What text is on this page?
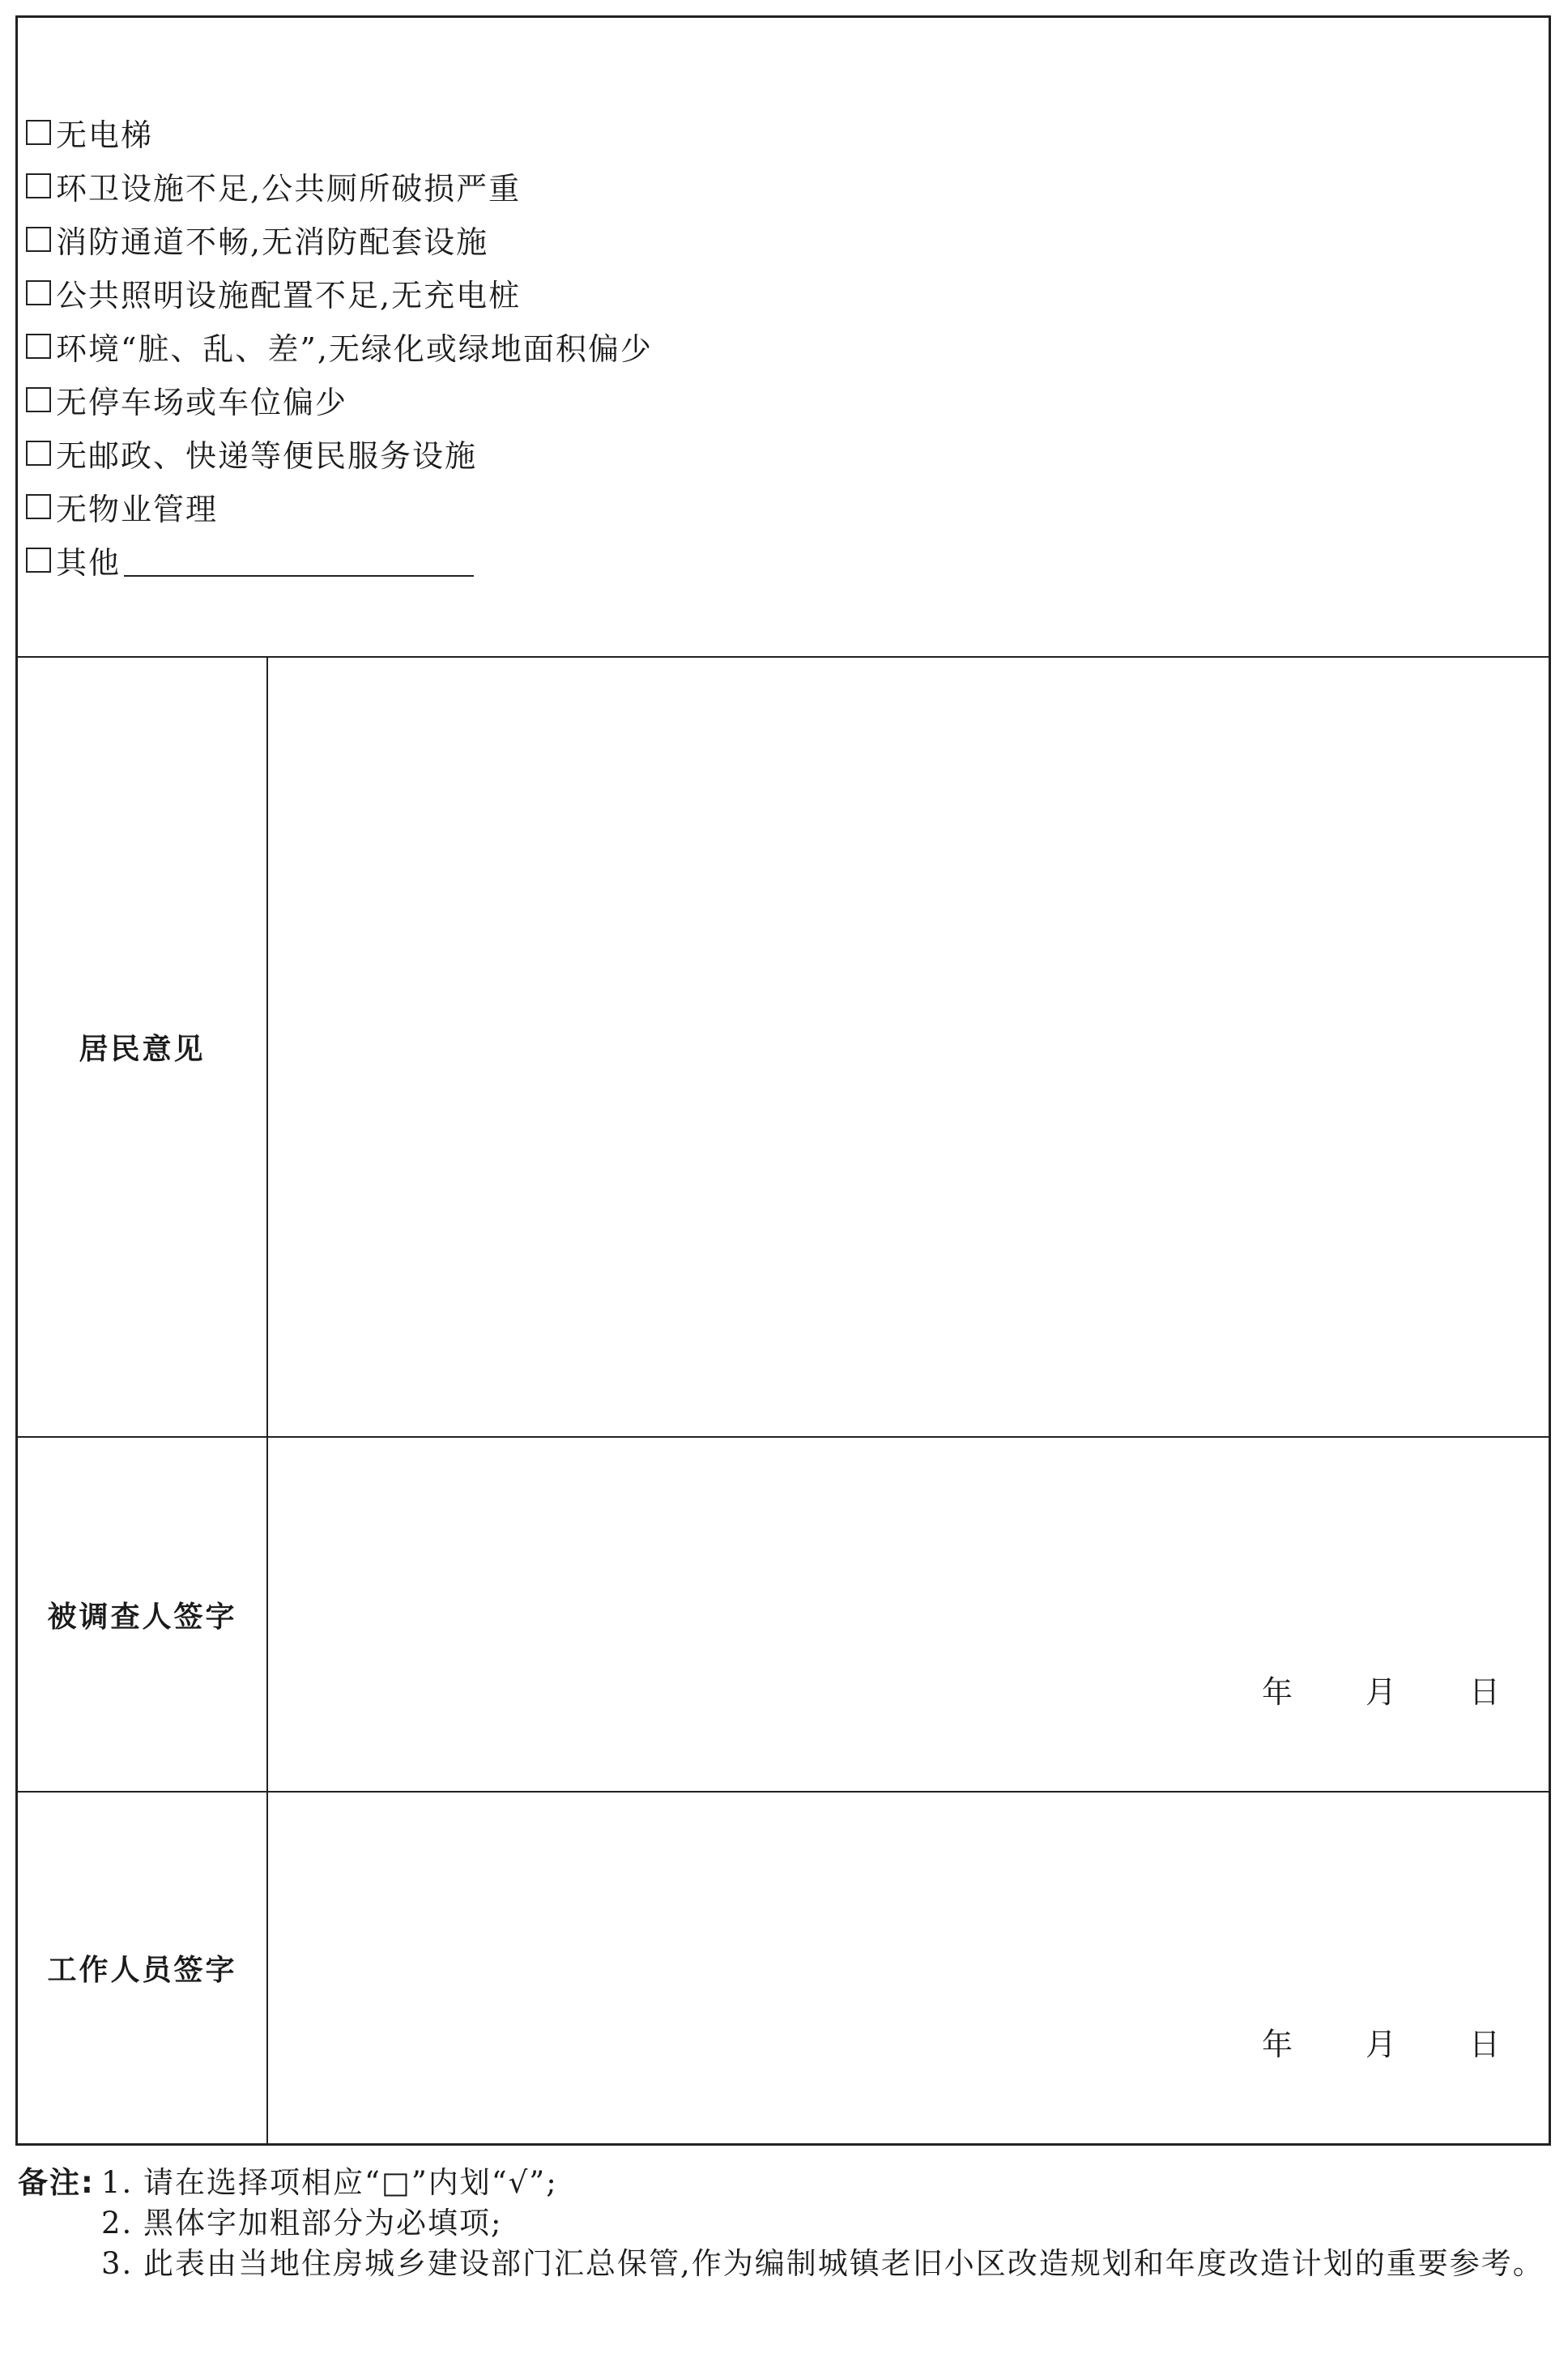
无电梯
环卫设施不足,公共厕所破损严重
消防通道不畅,无消防配套设施
公共照明设施配置不足,无充电桩
环境“脏、乱、差”,无绿化或绿地面积偏少
无停车场或车位偏少
无邮政、快递等便民服务设施
无物业管理
其他
居民意见
被调查人签字
年 月 日
工作人员签字
年 月 日
备注: 1. 请在选择项相应“□”内划“√”;
2. 黑体字加粗部分为必填项;
3. 此表由当地住房城乡建设部门汇总保管,作为编制城镇老旧小区改造规划和年度改造计划的重要参考。
